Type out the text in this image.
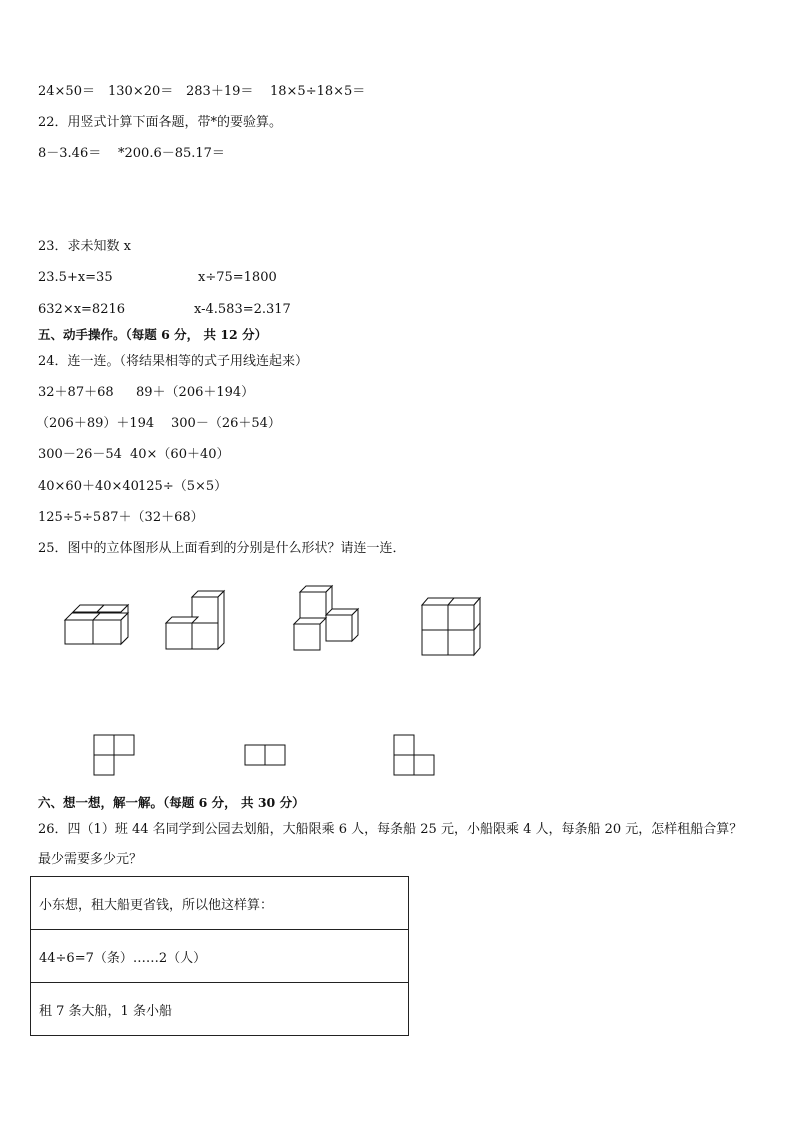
24×50＝ 130×20＝ 283＋19＝ 18×5÷18×5＝
22．用竖式计算下面各题，带*的要验算。
8－3.46＝ *200.6－85.17＝
23．求未知数 x
23.5+x=35	x÷75=1800
632×x=8216	x-4.583=2.317
五、动手操作。（每题 6 分， 共 12 分）
24．连一连。（将结果相等的式子用线连起来）
32＋87＋68 89＋（206＋194）
（206＋89）＋194 300－（26＋54）
300－26－54 40×（60＋40）
40×60＋40×40 125÷（5×5）
125÷5÷5 87＋（32＋68）
25．图中的立体图形从上面看到的分别是什么形状？请连一连．
六、想一想，解一解。（每题 6 分， 共 30 分）
26．四（1）班 44 名同学到公园去划船，大船限乘 6 人，每条船 25 元，小船限乘 4 人，每条船 20 元，怎样租船合算？
最少需要多少元？
小东想，租大船更省钱，所以他这样算：
44÷6=7（条）……2（人）
租 7 条大船，1 条小船
